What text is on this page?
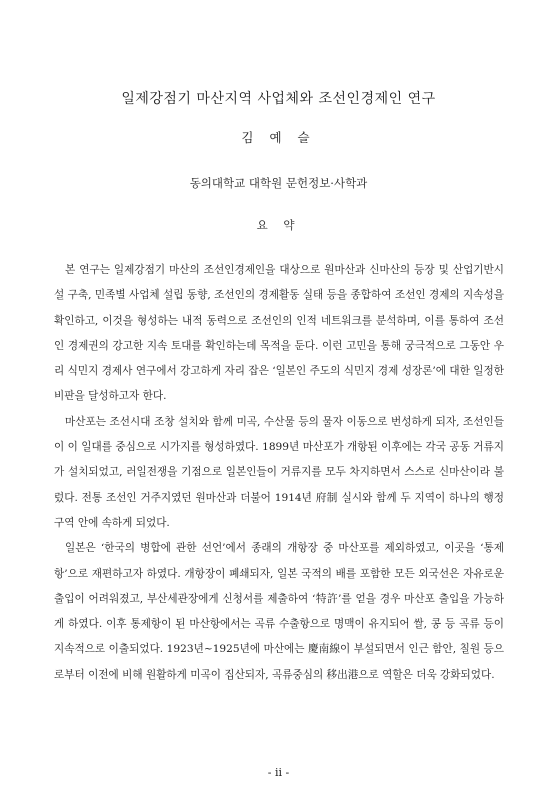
일제강점기 마산지역 사업체와 조선인경제인 연구
김 예 슬
동의대학교 대학원 문헌정보·사학과
요 약

본 연구는 일제강점기 마산의 조선인경제인을 대상으로 원마산과 신마산의 등장 및 산업기반시설 구축, 민족별 사업체 설립 동향, 조선인의 경제활동 실태 등을 종합하여 조선인 경제의 지속성을 확인하고, 이것을 형성하는 내적 동력으로 조선인의 인적 네트워크를 분석하며, 이를 통하여 조선인 경제권의 강고한 지속 토대를 확인하는데 목적을 둔다. 이런 고민을 통해 궁극적으로 그동안 우리 식민지 경제사 연구에서 강고하게 자리 잡은 ‘일본인 주도의 식민지 경제 성장론’에 대한 일정한 비판을 달성하고자 한다.

마산포는 조선시대 조창 설치와 함께 미곡, 수산물 등의 물자 이동으로 번성하게 되자, 조선인들이 이 일대를 중심으로 시가지를 형성하였다. 1899년 마산포가 개항된 이후에는 각국 공동 거류지가 설치되었고, 러일전쟁을 기점으로 일본인들이 거류지를 모두 차지하면서 스스로 신마산이라 불렀다. 전통 조선인 거주지였던 원마산과 더불어 1914년 府制 실시와 함께 두 지역이 하나의 행정구역 안에 속하게 되었다.

일본은 ‘한국의 병합에 관한 선언’에서 종래의 개항장 중 마산포를 제외하였고, 이곳을 ‘통제항’으로 재편하고자 하였다. 개항장이 폐쇄되자, 일본 국적의 배를 포함한 모든 외국선은 자유로운 출입이 어려워졌고, 부산세관장에게 신청서를 제출하여 ‘特許’를 얻을 경우 마산포 출입을 가능하게 하였다. 이후 통제항이 된 마산항에서는 곡류 수출항으로 명맥이 유지되어 쌀, 콩 등 곡류 등이 지속적으로 이출되었다. 1923년~1925년에 마산에는 慶南線이 부설되면서 인근 함안, 칠원 등으로부터 이전에 비해 원활하게 미곡이 집산되자, 곡류중심의 移出港으로 역할은 더욱 강화되었다.

- ii -
